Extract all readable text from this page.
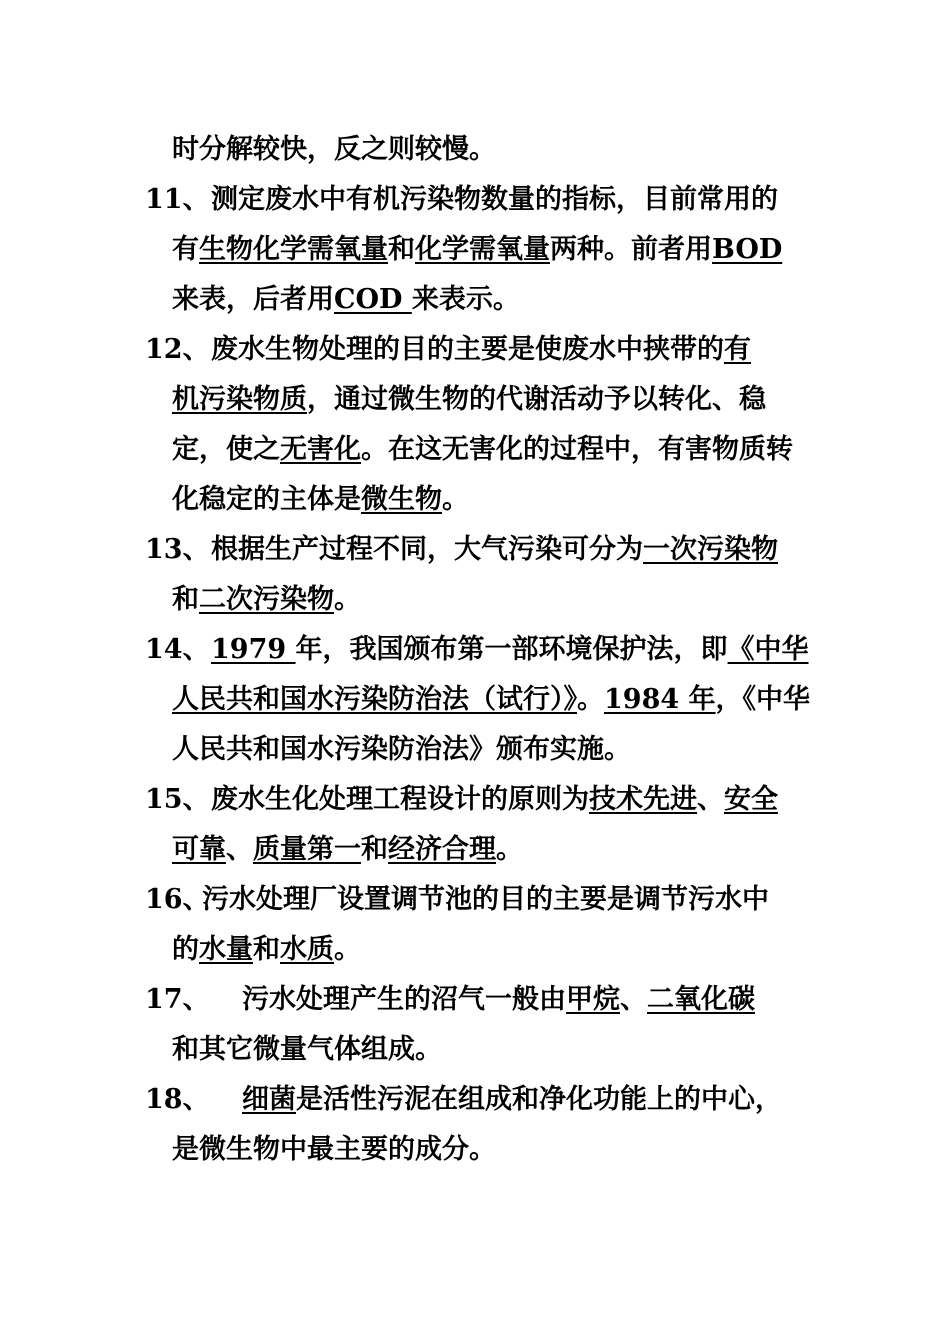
时分解较快，反之则较慢。
测定废水中有机污染物数量的指标，目前常用的
有生物化学需氧量和化学需氧量两种。前者用BOD
来表，后者用COD 来表示。
11、
废水生物处理的目的主要是使废水中挟带的有
机污染物质，通过微生物的代谢活动予以转化、稳
定，使之无害化。在这无害化的过程中，有害物质转
化稳定的主体是微生物。
12、
根据生产过程不同，大气污染可分为一次污染物
和二次污染物。
13、
1979 年，我国颁布第一部环境保护法，即《中华
人民共和国水污染防治法（试行）》。1984 年，《中华
人民共和国水污染防治法》颁布实施。
14、
废水生化处理工程设计的原则为技术先进、安全
可靠、质量第一和经济合理。
15、
污水处理厂设置调节池的目的主要是调节污水中
的水量和水质。
16、
污水处理产生的沼气一般由甲烷、二氧化碳
和其它微量气体组成。
17、
细菌是活性污泥在组成和净化功能上的中心，
是微生物中最主要的成分。
18、
